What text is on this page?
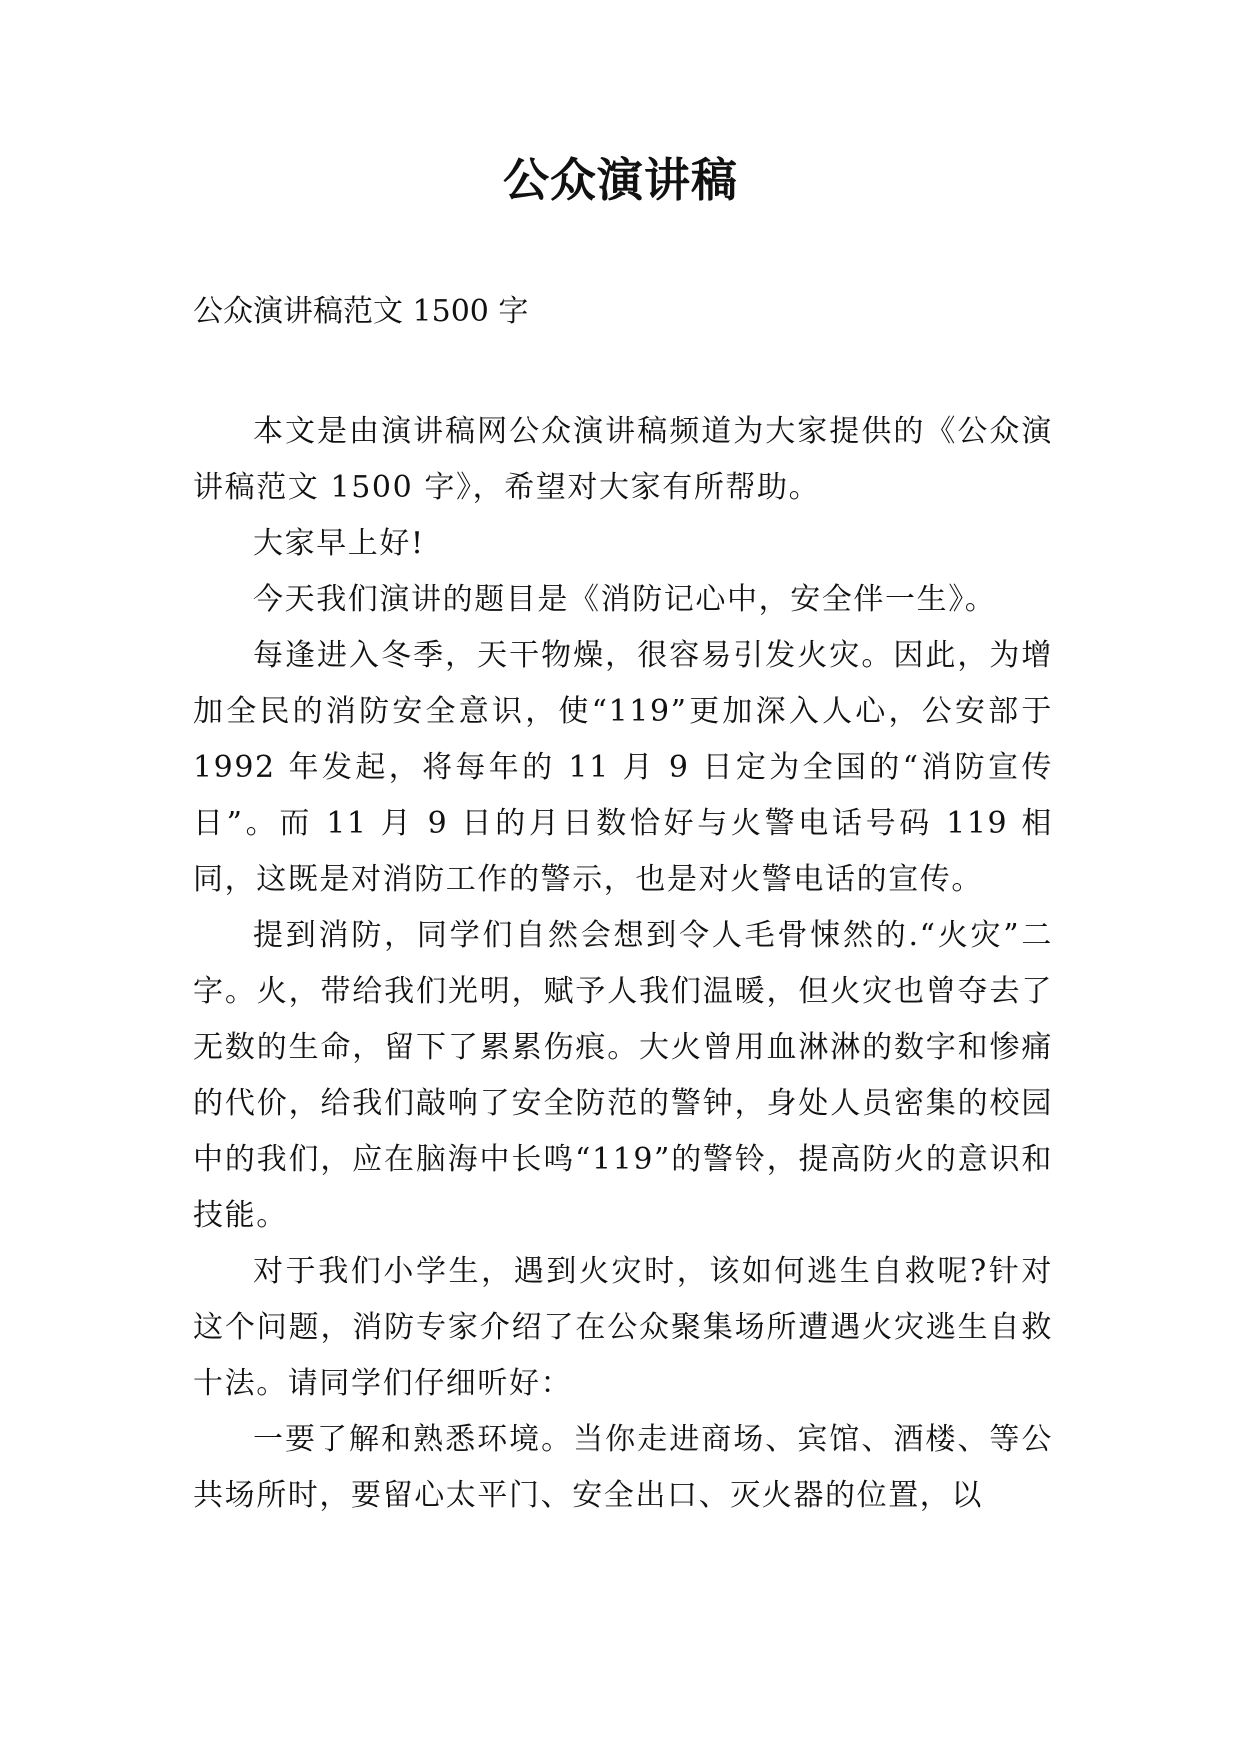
公众演讲稿
公众演讲稿范文 1500 字

本文是由演讲稿网公众演讲稿频道为大家提供的《公众演讲稿范文 1500 字》，希望对大家有所帮助。

大家早上好!

今天我们演讲的题目是《消防记心中，安全伴一生》。

每逢进入冬季，天干物燥，很容易引发火灾。因此，为增加全民的消防安全意识，使“119”更加深入人心，公安部于 1992 年发起，将每年的 11 月 9 日定为全国的“消防宣传日”。而 11 月 9 日的月日数恰好与火警电话号码 119 相同，这既是对消防工作的警示，也是对火警电话的宣传。

提到消防，同学们自然会想到令人毛骨悚然的.“火灾”二字。火，带给我们光明，赋予人我们温暖，但火灾也曾夺去了无数的生命，留下了累累伤痕。大火曾用血淋淋的数字和惨痛的代价，给我们敲响了安全防范的警钟，身处人员密集的校园中的我们，应在脑海中长鸣“119”的警铃，提高防火的意识和技能。

对于我们小学生，遇到火灾时，该如何逃生自救呢?针对这个问题，消防专家介绍了在公众聚集场所遭遇火灾逃生自救十法。请同学们仔细听好：

一要了解和熟悉环境。当你走进商场、宾馆、酒楼、等公共场所时，要留心太平门、安全出口、灭火器的位置，以
